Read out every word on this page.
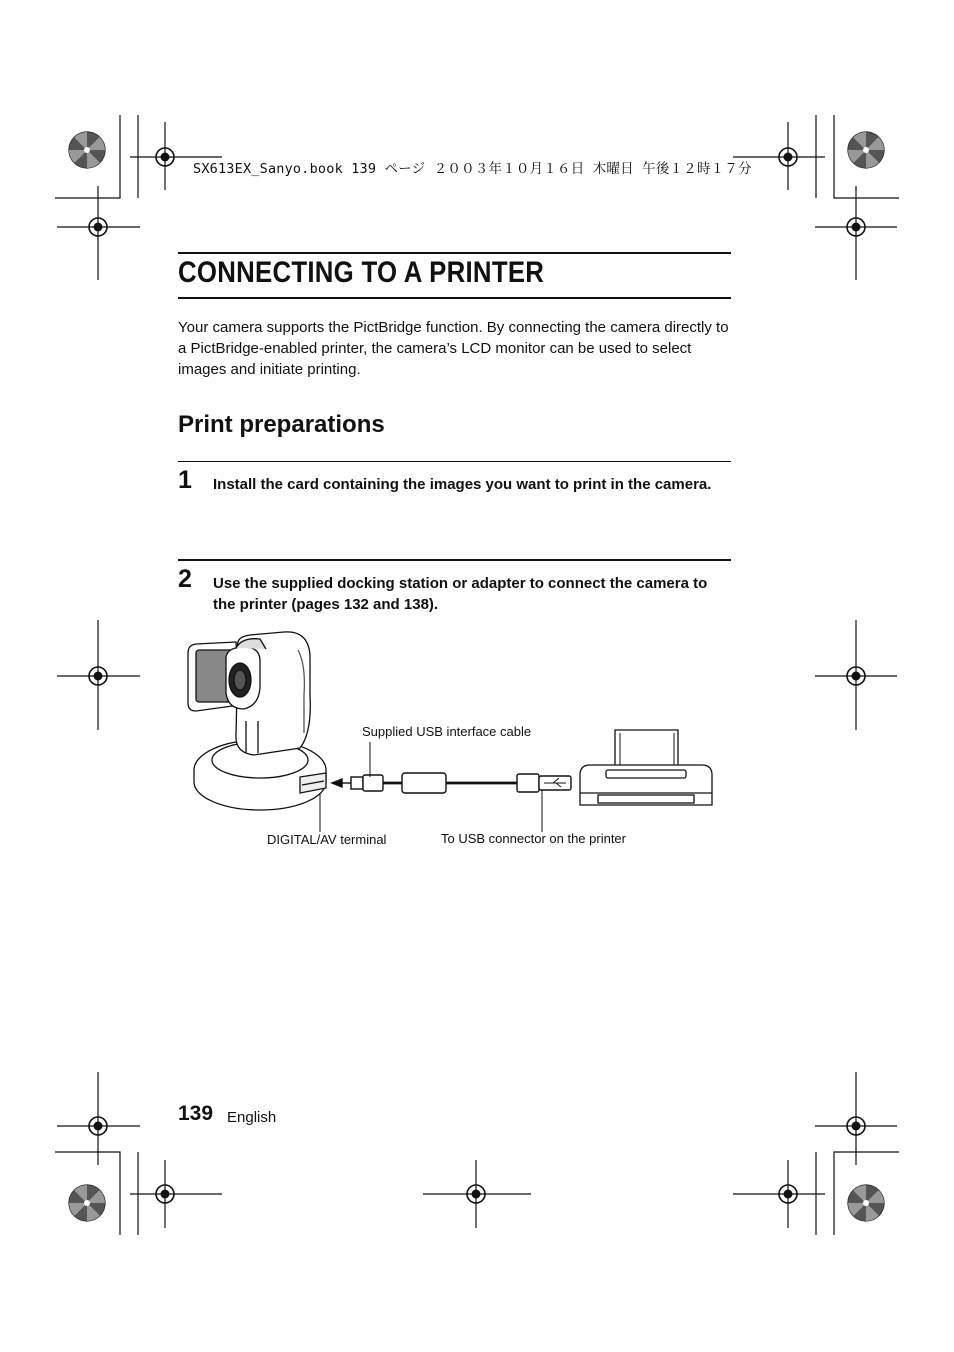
SX613EX_Sanyo.book 139 ページ ２００３年１０月１６日 木曜日 午後１２時１７分
CONNECTING TO A PRINTER
Your camera supports the PictBridge function. By connecting the camera directly to a PictBridge-enabled printer, the camera’s LCD monitor can be used to select images and initiate printing.
Print preparations
1 Install the card containing the images you want to print in the camera.
2 Use the supplied docking station or adapter to connect the camera to the printer (pages 132 and 138).
Supplied USB interface cable
DIGITAL/AV terminal	To USB connector on the printer
139 English
